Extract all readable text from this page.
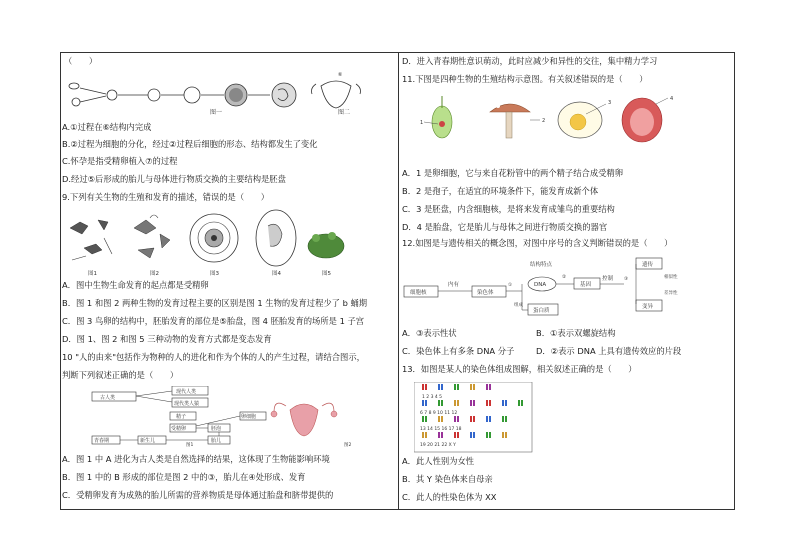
（　　）
⑥
图一	图二
A.①过程在⑥结构内完成
B.②过程为细胞的分化，经过②过程后细胞的形态、结构都发生了变化
C.怀孕是指受精卵植入⑦的过程
D.经过⑤后形成的胎儿与母体进行物质交换的主要结构是胚盘
9.下列有关生物的生殖和发育的描述，错误的是（　　）
图1	图2	图3	图4	图5
A．图中生物生命发育的起点都是受精卵
B．图 1 和图 2 两种生物的发育过程主要的区别是图 1 生物的发育过程少了 b 蛹期
C．图 3 鸟卵的结构中，胚胎发育的部位是⑤胎盘，图 4 胚胎发育的场所是 1 子宫
D．图 1、图 2 和图 5 三种动物的发育方式都是变态发育
10 "人的由来"包括作为物种的人的进化和作为个体的人的产生过程，请结合图示，
判断下列叙述正确的是（　　）
古人类
现代人类
现代类人猿
精子
受精卵	胚泡
胎儿
新生儿
青春期
卵细胞
图1	图2
A．图 1 中 A 进化为古人类是自然选择的结果，这体现了生物能影响环境
B．图 1 中的 B 形成的部位是图 2 中的③，胎儿在④处形成、发育
C．受精卵发育为成熟的胎儿所需的营养物质是母体通过胎盘和脐带提供的
D．进入青春期性意识萌动，此时应减少和异性的交往，集中精力学习
11.下图是四种生物的生殖结构示意图。有关叙述错误的是（　　）
1	2
3
4
A．1 是卵细胞，它与来自花粉管中的两个精子结合成受精卵
B．2 是孢子，在适宜的环境条件下，能发育成新个体
C．3 是胚盘，内含细胞核，是将来发育成雏鸟的重要结构
D．4 是胎盘，它是胎儿与母体之间进行物质交换的器官
12.如图是与遗传相关的概念图，对图中序号的含义判断错误的是（　　）
细胞核
内有
染色体
①
结构特点
DNA
蛋白质
组成
基因
②	控制 ③
遗传
变异
相似性
差异性
A．③表示性状	B．①表示双螺旋结构
C．染色体上有多条 DNA 分子	D．②表示 DNA 上具有遗传效应的片段
13．如图是某人的染色体组成图解，相关叙述正确的是（　　）
1 2 3 4 5
6 7 8 9 10 11 12
13 14 15 16 17 18
19 20 21 22 X Y
A．此人性别为女性
B．其 Y 染色体来自母亲
C．此人的性染色体为 XX
